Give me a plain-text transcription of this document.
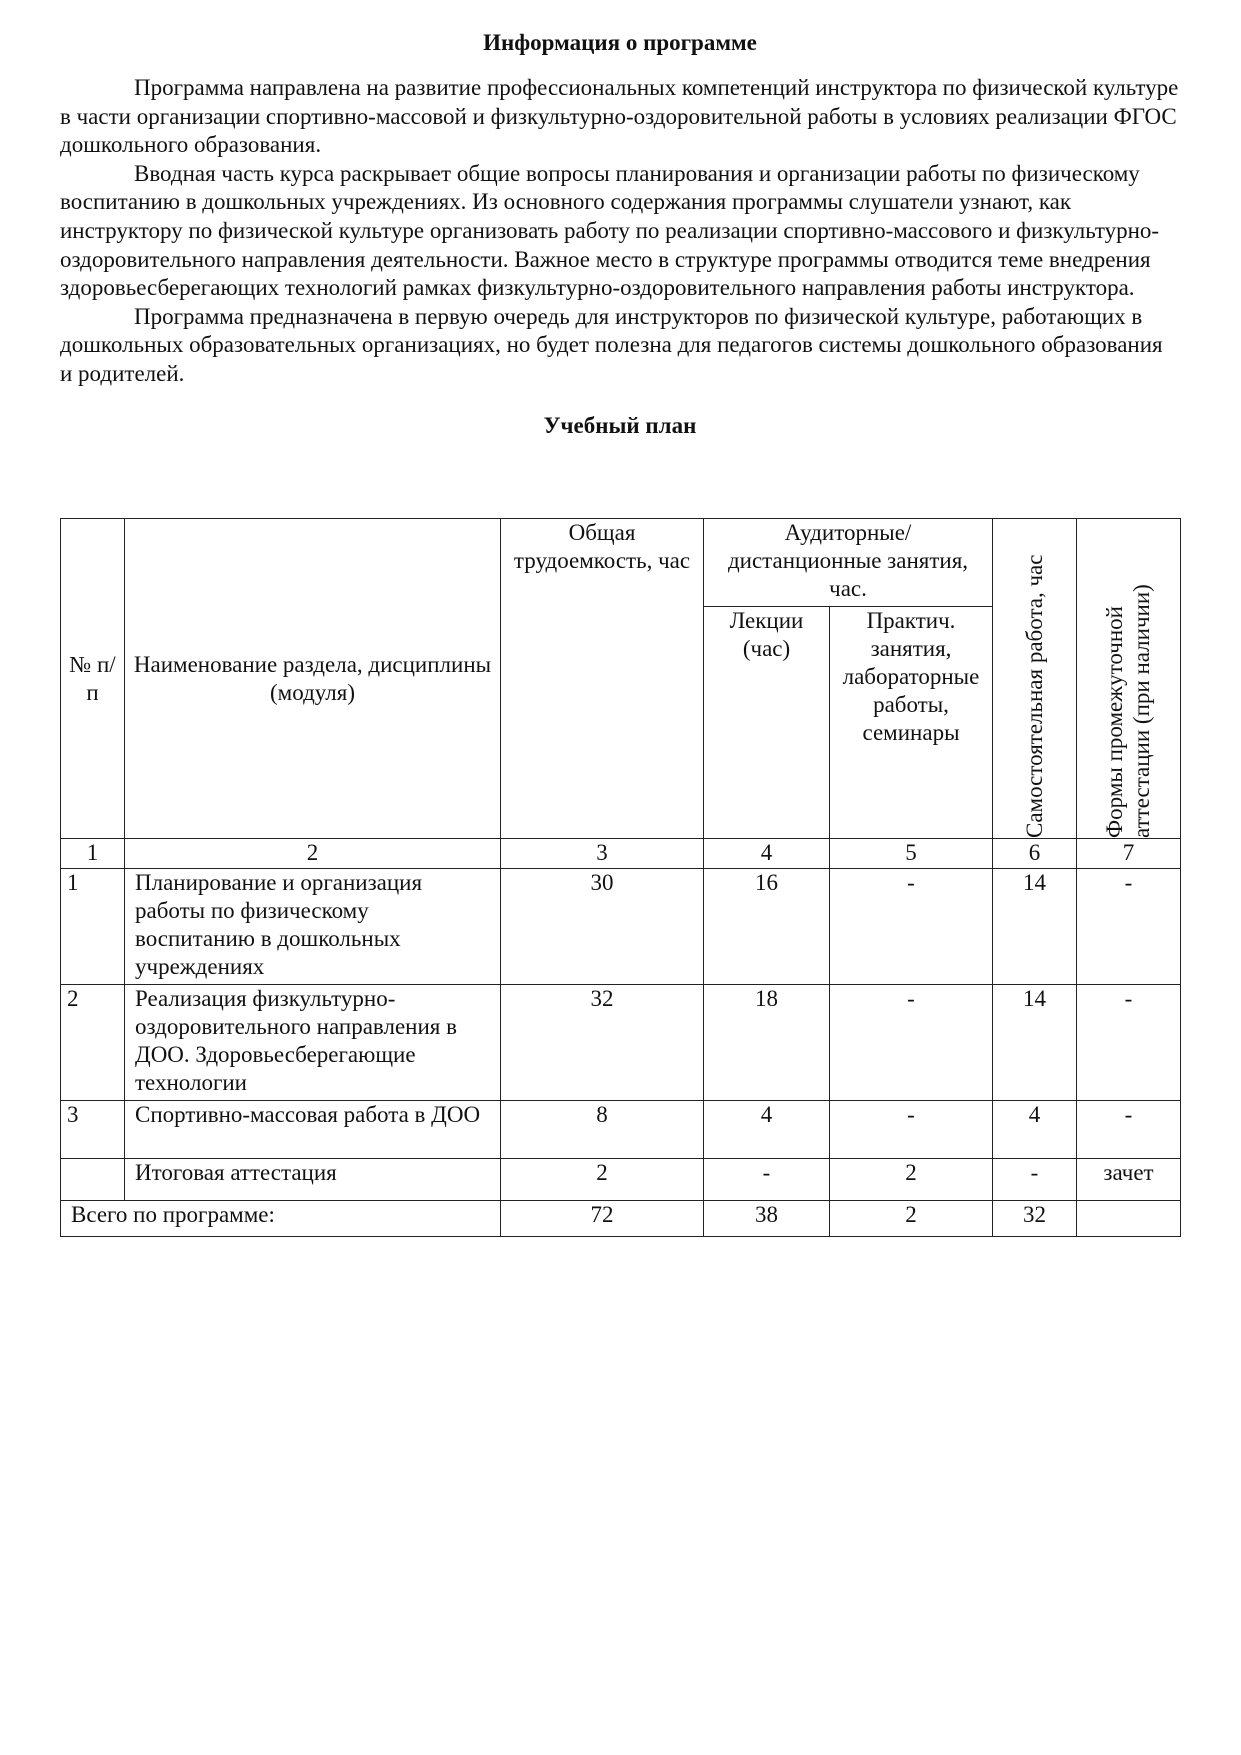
Информация о программе

Программа направлена на развитие профессиональных компетенций инструктора по физической культуре в части организации спортивно-массовой и физкультурно-оздоровительной работы в условиях реализации ФГОС дошкольного образования.

Вводная часть курса раскрывает общие вопросы планирования и организации работы по физическому воспитанию в дошкольных учреждениях. Из основного содержания программы слушатели узнают, как инструктору по физической культуре организовать работу по реализации спортивно-массового и физкультурно-оздоровительного направления деятельности. Важное место в структуре программы отводится теме внедрения здоровьесберегающих технологий рамках физкультурно-оздоровительного направления работы инструктора.

Программа предназначена в первую очередь для инструкторов по физической культуре, работающих в дошкольных образовательных организациях, но будет полезна для педагогов системы дошкольного образования и родителей.

Учебный план
№ п/п	Наименование раздела, дисциплины (модуля)	Общая трудоемкость, час	Аудиторные/ дистанционные занятия, час.		Самостоятельная работа, час	Формы промежуточной аттестации (при наличии)

			Лекции (час)	Практич. занятия, лабораторные работы, семинары		
1	2	3	4	5	6	7
1	Планирование и организация работы по физическому воспитанию в дошкольных учреждениях	30	16	-	14	-
2	Реализация физкультурно-оздоровительного направления в ДОО. Здоровьесберегающие технологии	32	18	-	14	-
3	Спортивно-массовая работа в ДОО	8	4	-	4	-
	Итоговая аттестация	2	-	2	-	зачет
Всего по программе:		72	38	2	32	
